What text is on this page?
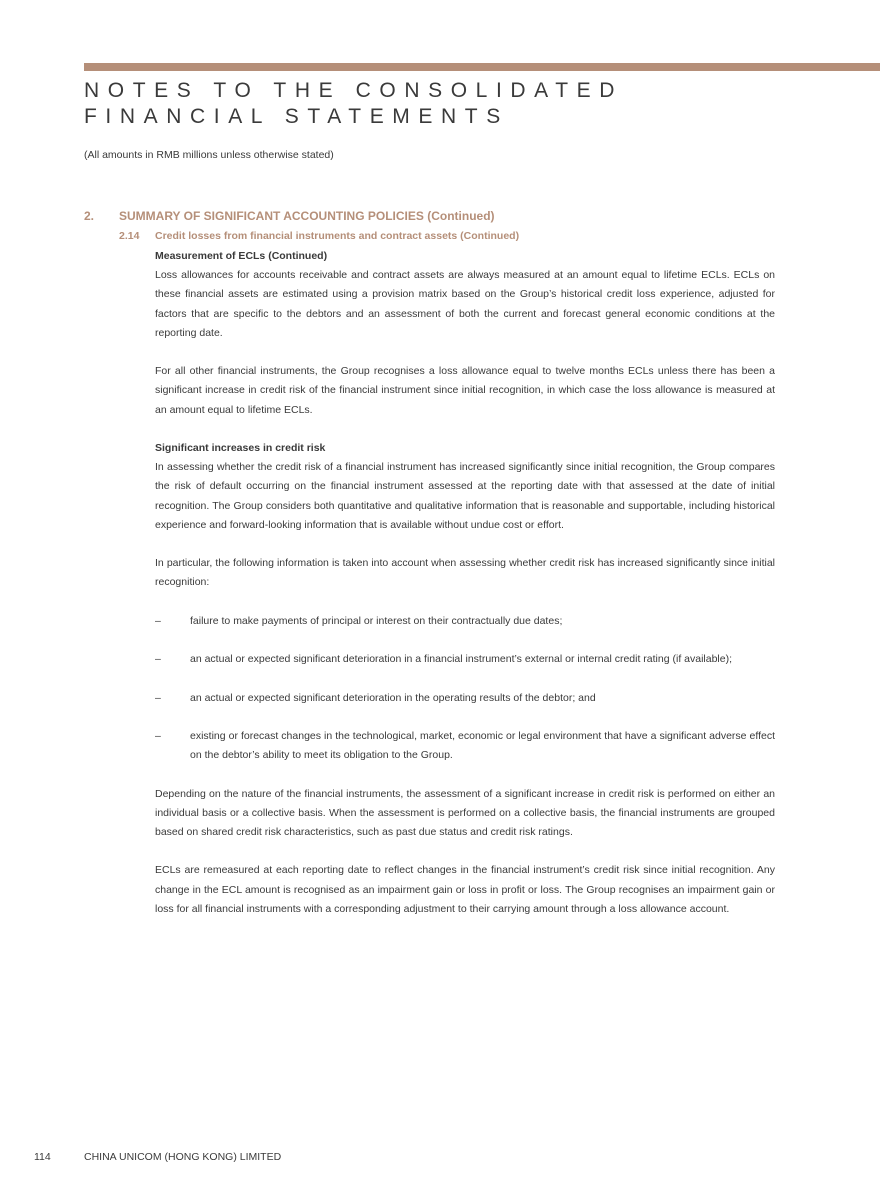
NOTES TO THE CONSOLIDATED
FINANCIAL STATEMENTS
(All amounts in RMB millions unless otherwise stated)
2. SUMMARY OF SIGNIFICANT ACCOUNTING POLICIES (Continued)
2.14 Credit losses from financial instruments and contract assets (Continued)

Measurement of ECLs (Continued)

Loss allowances for accounts receivable and contract assets are always measured at an amount equal to lifetime ECLs. ECLs on these financial assets are estimated using a provision matrix based on the Group’s historical credit loss experience, adjusted for factors that are specific to the debtors and an assessment of both the current and forecast general economic conditions at the reporting date.

For all other financial instruments, the Group recognises a loss allowance equal to twelve months ECLs unless there has been a significant increase in credit risk of the financial instrument since initial recognition, in which case the loss allowance is measured at an amount equal to lifetime ECLs.

Significant increases in credit risk

In assessing whether the credit risk of a financial instrument has increased significantly since initial recognition, the Group compares the risk of default occurring on the financial instrument assessed at the reporting date with that assessed at the date of initial recognition. The Group considers both quantitative and qualitative information that is reasonable and supportable, including historical experience and forward-looking information that is available without undue cost or effort.

In particular, the following information is taken into account when assessing whether credit risk has increased significantly since initial recognition:

–	failure to make payments of principal or interest on their contractually due dates;
–	an actual or expected significant deterioration in a financial instrument’s external or internal credit rating (if available);
–	an actual or expected significant deterioration in the operating results of the debtor; and
–	existing or forecast changes in the technological, market, economic or legal environment that have a significant adverse effect on the debtor’s ability to meet its obligation to the Group.

Depending on the nature of the financial instruments, the assessment of a significant increase in credit risk is performed on either an individual basis or a collective basis. When the assessment is performed on a collective basis, the financial instruments are grouped based on shared credit risk characteristics, such as past due status and credit risk ratings.

ECLs are remeasured at each reporting date to reflect changes in the financial instrument’s credit risk since initial recognition. Any change in the ECL amount is recognised as an impairment gain or loss in profit or loss. The Group recognises an impairment gain or loss for all financial instruments with a corresponding adjustment to their carrying amount through a loss allowance account.

114	CHINA UNICOM (HONG KONG) LIMITED
